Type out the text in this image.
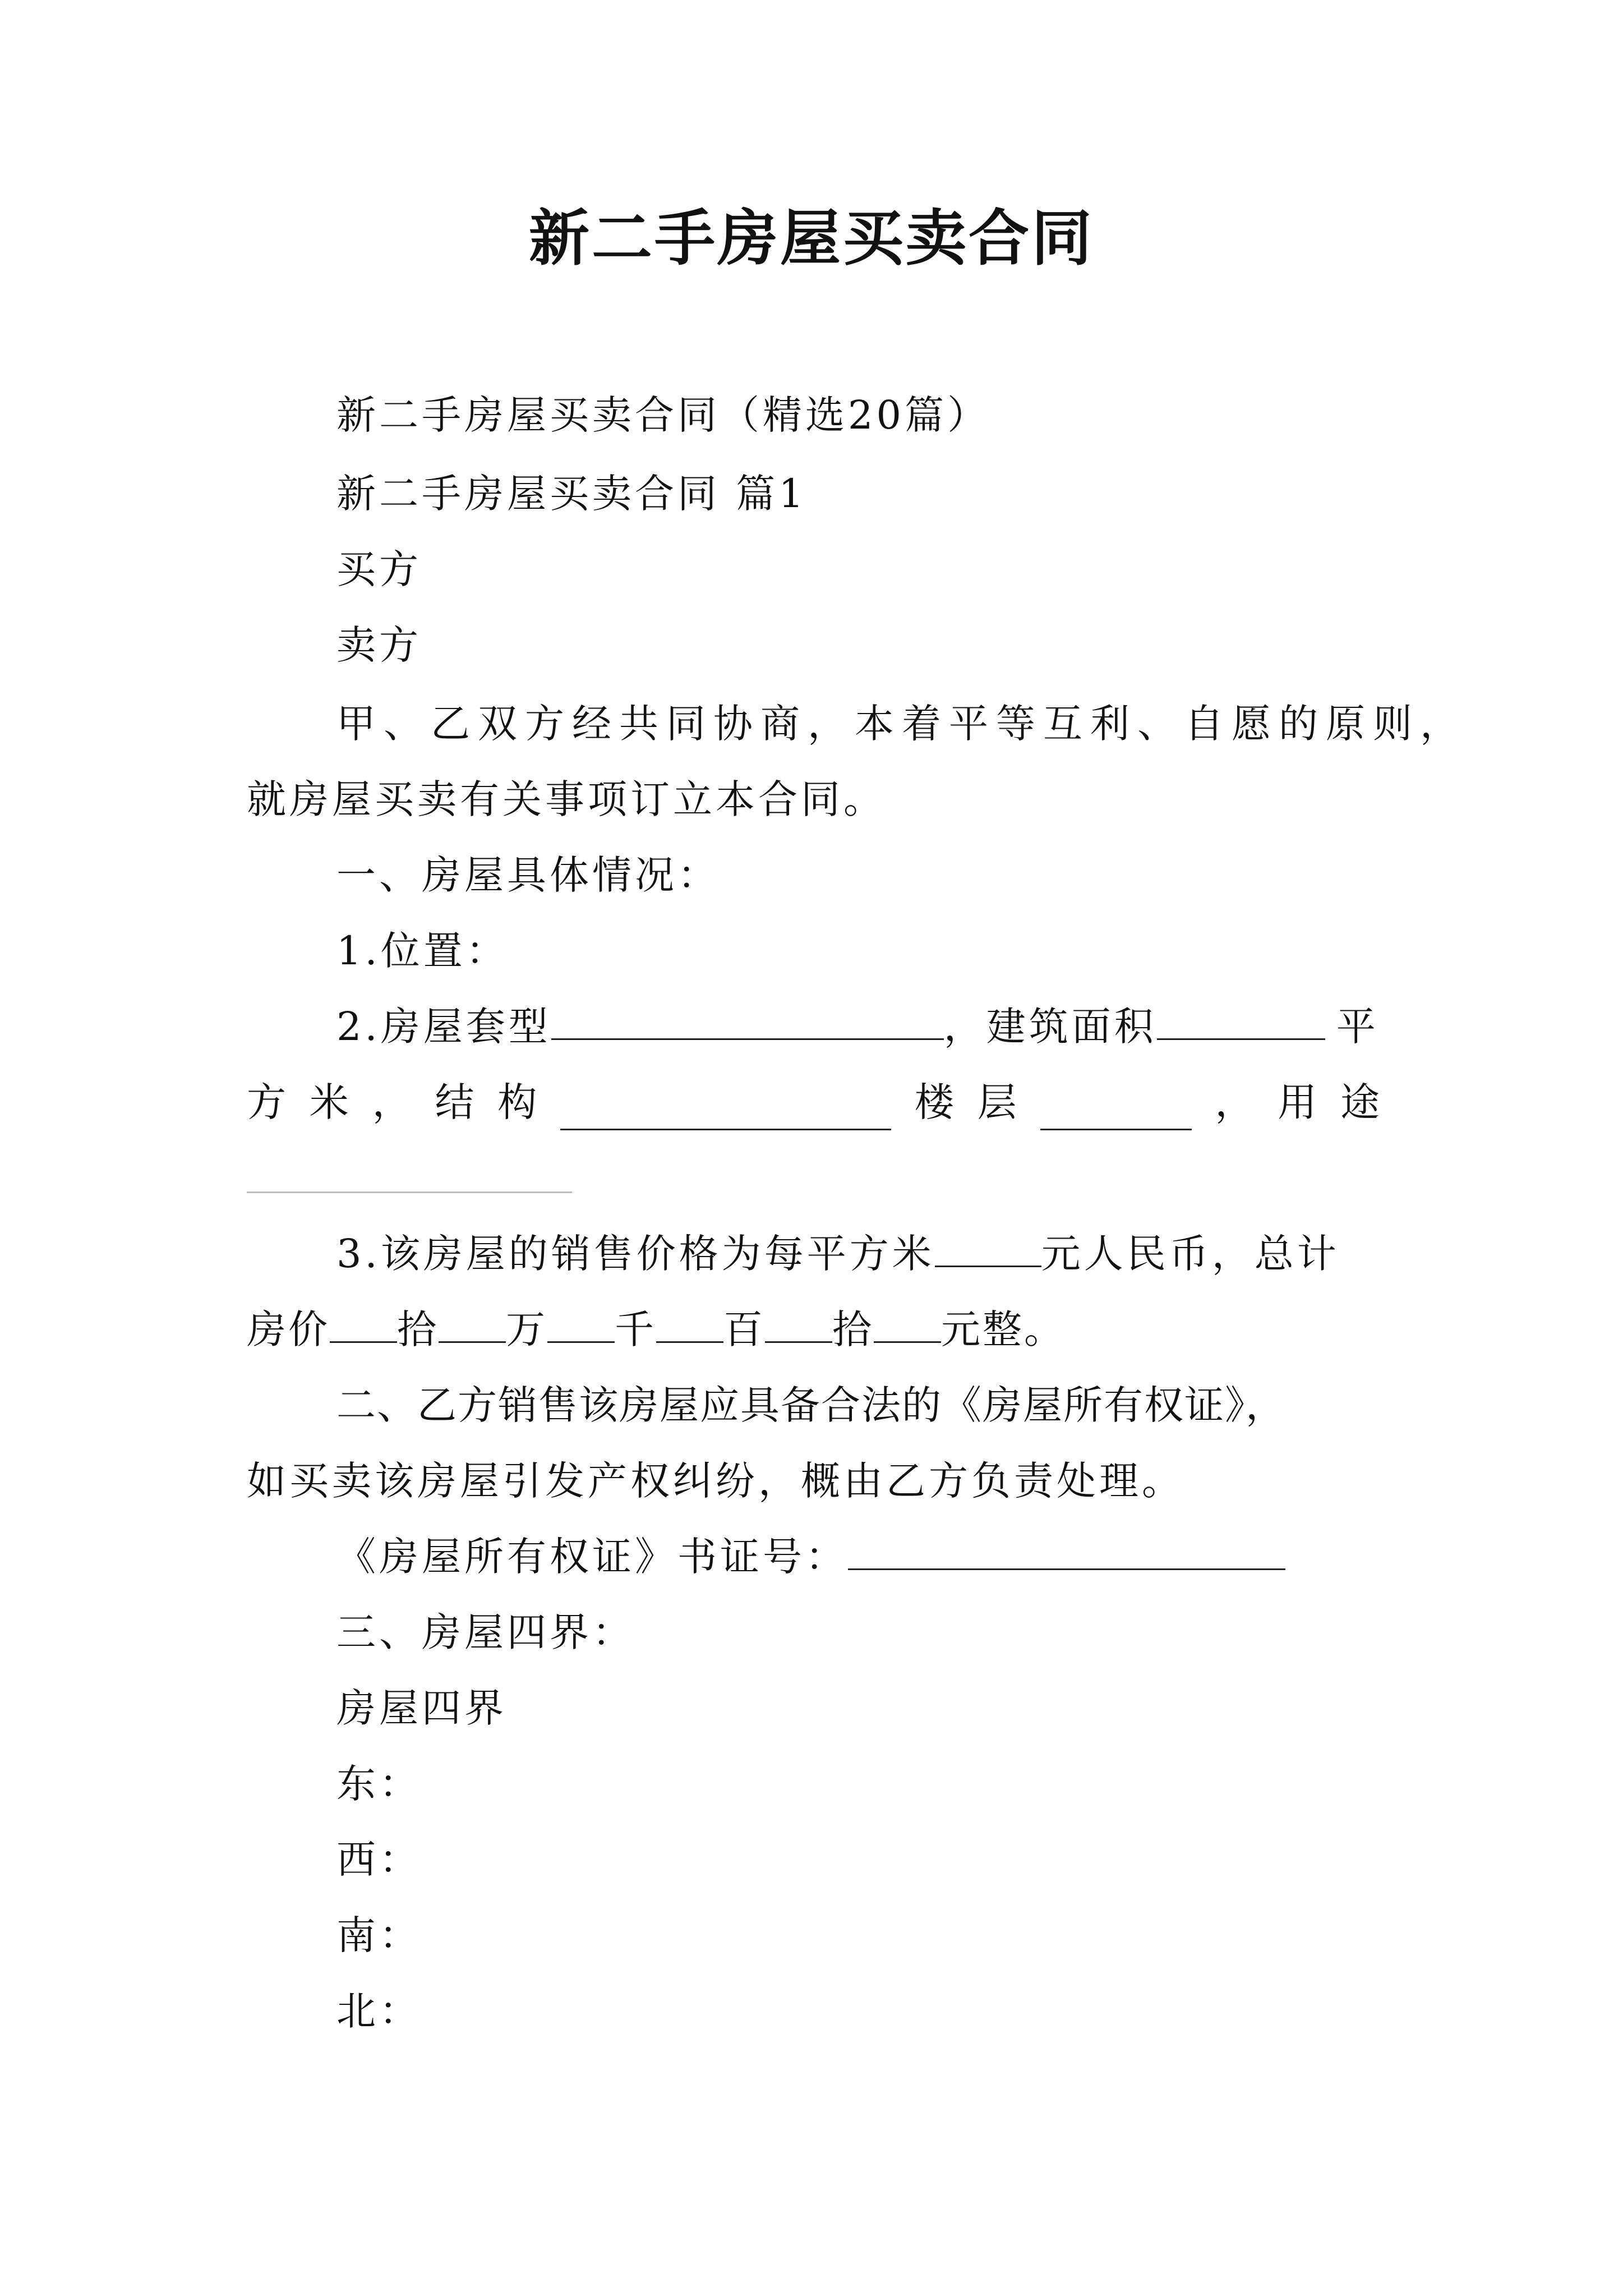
新二手房屋买卖合同
新二手房屋买卖合同（精选20篇）
新二手房屋买卖合同 篇1
买方
卖方
甲、乙双方经共同协商，本着平等互利、自愿的原则，
就房屋买卖有关事项订立本合同。
一、房屋具体情况：
1.位置：
2.房屋套型	，建筑面积	平
方 米 ， 结 构	楼 层	， 用 途
3.该房屋的销售价格为每平方米	元人民币，总计
房价 拾 万 千 百 拾 元整。
二、乙方销售该房屋应具备合法的《房屋所有权证》，
如买卖该房屋引发产权纠纷，概由乙方负责处理。
《房屋所有权证》书证号：
三、房屋四界：
房屋四界
东：
西：
南：
北：
